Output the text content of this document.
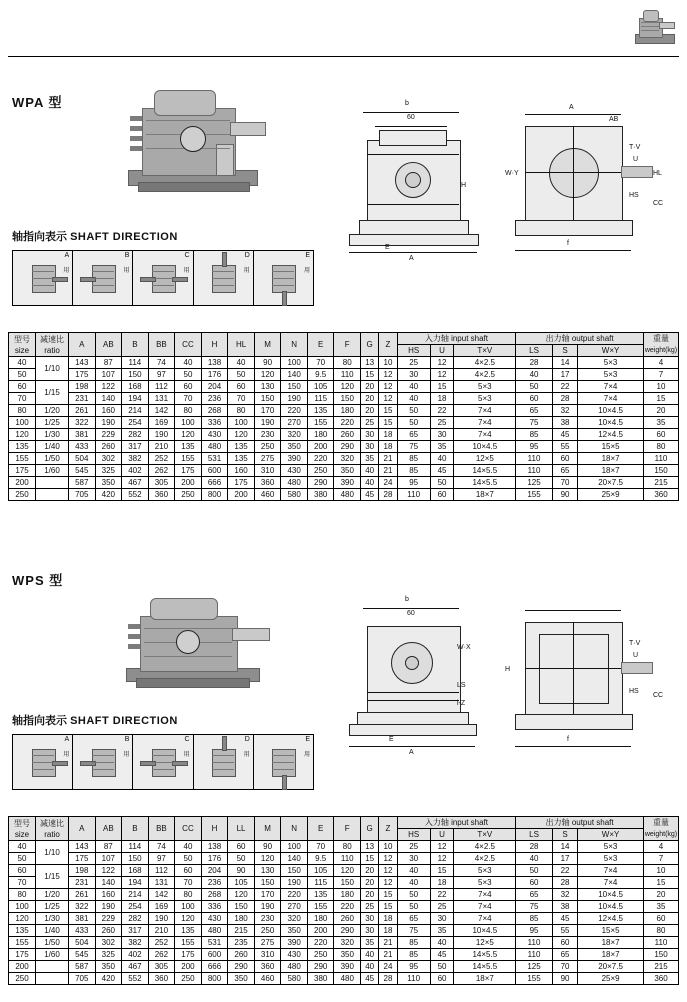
WPA 型	b
60
E
A
H
A
AB
T·V
U
HS
HL
CC
f
W·Y
轴指向表示 SHAFT DIRECTION
A
用
B
用
C
用
D
用
E
用
型号
size	减速比
ratio	A	AB	B	BB	CC	H	HL	M	N	E	F	G	Z	入力轴 input shaft			出力轴 output shaft			重量
weight(kg)
															HS	U	T×V	LS	S	W×Y	
40	1/10	143	87	114	74	40	138	40	90	100	70	80	13	10	25	12	4×2.5	28	14	5×3	4
50		175	107	150	97	50	176	50	120	140	9.5	110	15	12	30	12	4×2.5	40	17	5×3	7
60	1/15	198	122	168	112	60	204	60	130	150	105	120	20	12	40	15	5×3	50	22	7×4	10
70		231	140	194	131	70	236	70	150	190	115	150	20	12	40	18	5×3	60	28	7×4	15
80	1/20	261	160	214	142	80	268	80	170	220	135	180	20	15	50	22	7×4	65	32	10×4.5	20
100	1/25	322	190	254	169	100	336	100	190	270	155	220	25	15	50	25	7×4	75	38	10×4.5	35
120	1/30	381	229	282	190	120	430	120	230	320	180	260	30	18	65	30	7×4	85	45	12×4.5	60
135	1/40	433	260	317	210	135	480	135	250	350	200	290	30	18	75	35	10×4.5	95	55	15×5	80
155	1/50	504	302	382	252	155	531	135	275	390	220	320	35	21	85	40	12×5	110	60	18×7	110
175	1/60	545	325	402	262	175	600	160	310	430	250	350	40	21	85	45	14×5.5	110	65	18×7	150
200		587	350	467	305	200	666	175	360	480	290	390	40	24	95	50	14×5.5	125	70	20×7.5	215
250		705	420	552	360	250	800	200	460	580	380	480	45	28	110	60	18×7	155	90	25×9	360
WPS 型
b
60
E
A
W·X
LS
i-Z
T·V
U
HS
CC
f
H
轴指向表示 SHAFT DIRECTION
A
用
B
用
C
用
D
用
E
用
型号
size	减速比
ratio	A	AB	B	BB	CC	H	LL	M	N	E	F	G	Z	入力轴 input shaft			出力轴 output shaft			重量
weight(kg)
															HS	U	T×V	LS	S	W×Y	
40	1/10	143	87	114	74	40	138	60	90	100	70	80	13	10	25	12	4×2.5	28	14	5×3	4
50		175	107	150	97	50	176	50	120	140	9.5	110	15	12	30	12	4×2.5	40	17	5×3	7
60	1/15	198	122	168	112	60	204	90	130	150	105	120	20	12	40	15	5×3	50	22	7×4	10
70		231	140	194	131	70	236	105	150	190	115	150	20	12	40	18	5×3	60	28	7×4	15
80	1/20	261	160	214	142	80	268	120	170	220	135	180	20	15	50	22	7×4	65	32	10×4.5	20
100	1/25	322	190	254	169	100	336	150	190	270	155	220	25	15	50	25	7×4	75	38	10×4.5	35
120	1/30	381	229	282	190	120	430	180	230	320	180	260	30	18	65	30	7×4	85	45	12×4.5	60
135	1/40	433	260	317	210	135	480	215	250	350	200	290	30	18	75	35	10×4.5	95	55	15×5	80
155	1/50	504	302	382	252	155	531	235	275	390	220	320	35	21	85	40	12×5	110	60	18×7	110
175	1/60	545	325	402	262	175	600	260	310	430	250	350	40	21	85	45	14×5.5	110	65	18×7	150
200		587	350	467	305	200	666	290	360	480	290	390	40	24	95	50	14×5.5	125	70	20×7.5	215
250		705	420	552	360	250	800	350	460	580	380	480	45	28	110	60	18×7	155	90	25×9	360
